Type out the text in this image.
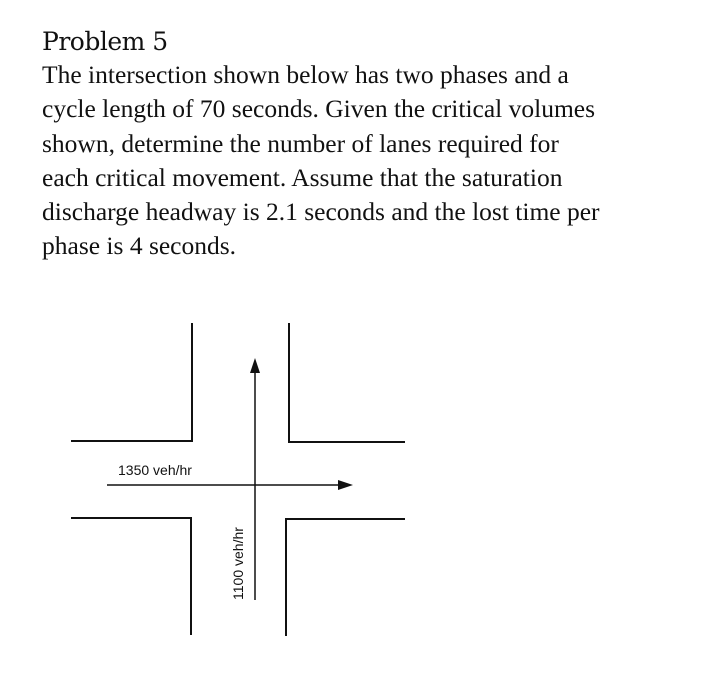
Problem 5

The intersection shown below has two phases and a
cycle length of 70 seconds. Given the critical volumes
shown, determine the number of lanes required for
each critical movement. Assume that the saturation
discharge headway is 2.1 seconds and the lost time per
phase is 4 seconds.

1350 veh/hr
1100 veh/hr
